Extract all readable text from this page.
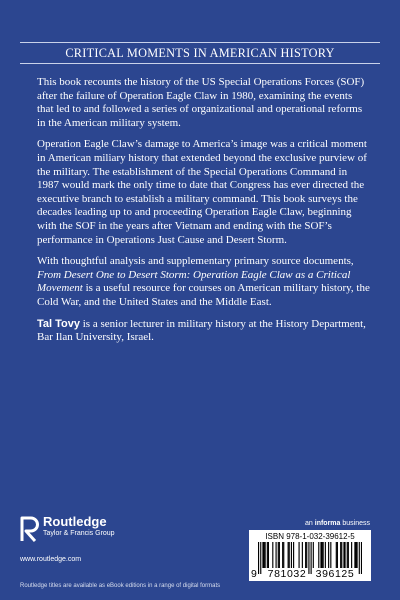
CRITICAL MOMENTS IN AMERICAN HISTORY

This book recounts the history of the US Special Operations Forces (SOF) after the failure of Operation Eagle Claw in 1980, examining the events that led to and followed a series of organizational and operational reforms in the American military system.

Operation Eagle Claw’s damage to America’s image was a critical moment in American miliary history that extended beyond the exclusive purview of the military. The establishment of the Special Operations Command in 1987 would mark the only time to date that Congress has ever directed the executive branch to establish a military command. This book surveys the decades leading up to and proceeding Operation Eagle Claw, beginning with the SOF in the years after Vietnam and ending with the SOF’s performance in Operations Just Cause and Desert Storm.

With thoughtful analysis and supplementary primary source documents, From Desert One to Desert Storm: Operation Eagle Claw as a Critical Movement is a useful resource for courses on American military history, the Cold War, and the United States and the Middle East.

Tal Tovy is a senior lecturer in military history at the History Department, Bar Ilan University, Israel.

Routledge
Taylor & Francis Group
www.routledge.com
Routledge titles are available as eBook editions in a range of digital formats
an informa business
ISBN 978-1-032-39612-5
9	781032 396125
